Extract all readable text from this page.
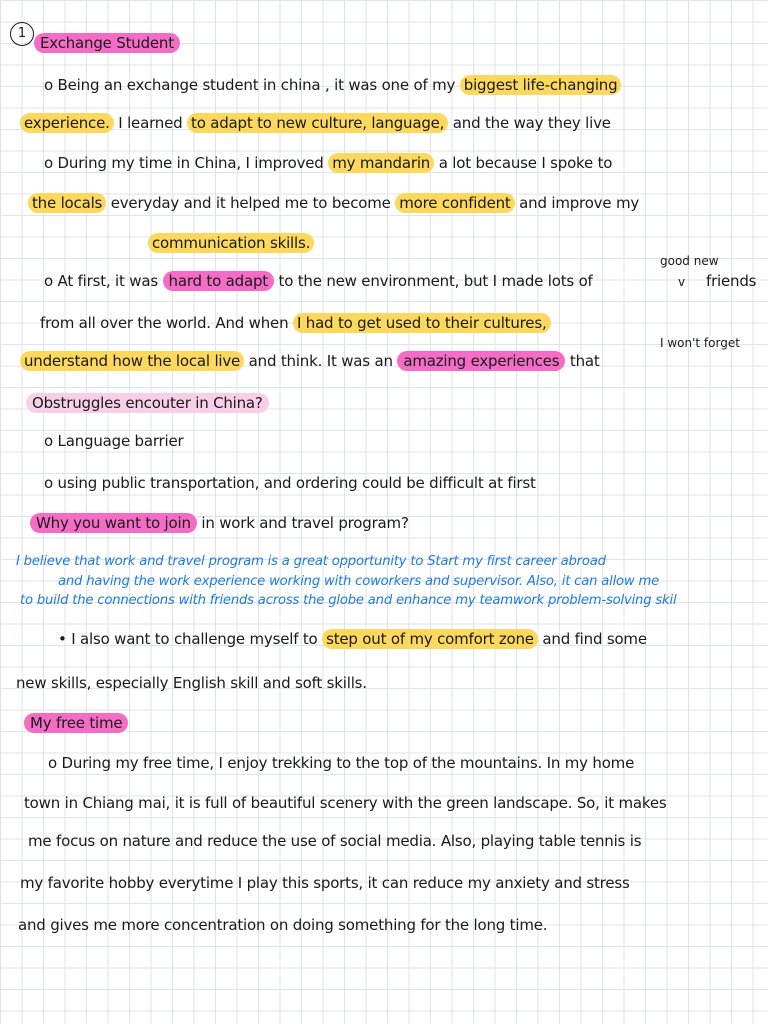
1
Exchange Student
o Being an exchange student in china , it was one of my biggest life-changing
experience. I learned to adapt to new culture, language, and the way they live
o During my time in China, I improved my mandarin a lot because I spoke to
the locals everyday and it helped me to become more confident and improve my
communication skills.
good new
o At first, it was hard to adapt to the new environment, but I made lots of	v friends
from all over the world. And when I had to get used to their cultures,
I won't forget
understand how the local live and think. It was an amazing experiences that
Obstruggles encouter in China?
o Language barrier
o using public transportation, and ordering could be difficult at first
Why you want to join in work and travel program?
I believe that work and travel program is a great opportunity to Start my first career abroad
and having the work experience working with coworkers and supervisor. Also, it can allow me
to build the connections with friends across the globe and enhance my teamwork problem-solving skil
• I also want to challenge myself to step out of my comfort zone and find some
new skills, especially English skill and soft skills.
My free time
o During my free time, I enjoy trekking to the top of the mountains. In my home
town in Chiang mai, it is full of beautiful scenery with the green landscape. So, it makes
me focus on nature and reduce the use of social media. Also, playing table tennis is
my favorite hobby everytime I play this sports, it can reduce my anxiety and stress
and gives me more concentration on doing something for the long time.
